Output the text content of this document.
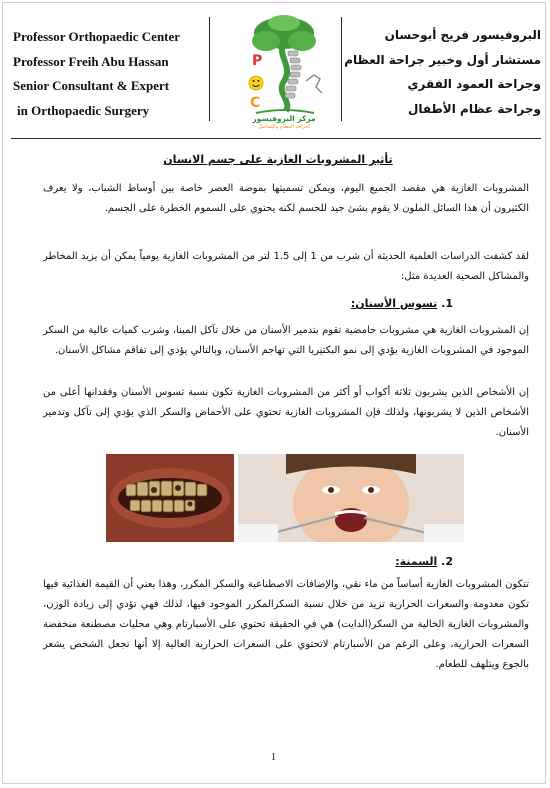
Professor Orthopaedic Center
Professor Freih Abu Hassan
Senior Consultant & Expert
in Orthopaedic Surgery
P
C
مركز البروفيسور
لجراحة العظام والمفاصل
البروفيسور فريح أبوحسان
مستشار أول وخبير جراحة العظام
وجراحة العمود الفقري
وجراحة عظام الأطفال
تأثير المشروبات الغازية على جسم الانسان
المشروبات الغازية هي مقصد الجميع اليوم، ويمكن تسميتها بموضة العصر خاصة بين أوساط الشباب، ولا يعرف الكثيرون أن هذا السائل الملون لا يقوم بشئ جيد للجسم لكنه يحتوي على السموم الخطرة على الجسم.
لقد كشفت الدراسات العلمية الحديثة أن شرب من 1 إلى 1.5 لتر من المشروبات الغازية يومياً يمكن أن يزيد المخاطر والمشاكل الصحية العديدة مثل:
1. تسوس الأسنان:
إن المشروبات الغازية هي مشروبات حامضية تقوم بتدمير الأسنان من خلال تآكل المينا، وشرب كميات عالية من السكر الموجود في المشروبات الغازية يؤدي إلى نمو البكتيريا التي تهاجم الأسنان، وبالتالي يؤدي إلى تفاقم مشاكل الأسنان.
إن الأشخاص الذين يشربون ثلاثة أكواب أو أكثر من المشروبات الغازية تكون نسبة تسوس الأسنان وفقدانها أعلى من الأشخاص الذين لا يشربونها، ولذلك فإن المشروبات الغازية تحتوي على الأحماض والسكر الذي يؤدي إلى تآكل وتدمير الأسنان.
2. السمنة:
تتكون المشروبات الغازية أساساً من ماء نقي، والإضافات الاصطناعية والسكر المكرر، وهذا يعني أن القيمة الغذائية فيها تكون معدومة والسعرات الحرارية تزيد من خلال نسبة السكرالمكرر الموجود فيها، لذلك فهي تؤدي إلى زيادة الوزن، والمشروبات الغازية الخالية من السكر(الدايت) هي في الحقيقة تحتوي على الأسبارتام وهي محليات مصطنعة منخفضة السعرات الحرارية، وعلى الرغم من الأسبارتام لاتحتوي على السعرات الحرارية العالية إلا أنها تجعل الشخص يشعر بالجوع ويتلهف للطعام.
1
